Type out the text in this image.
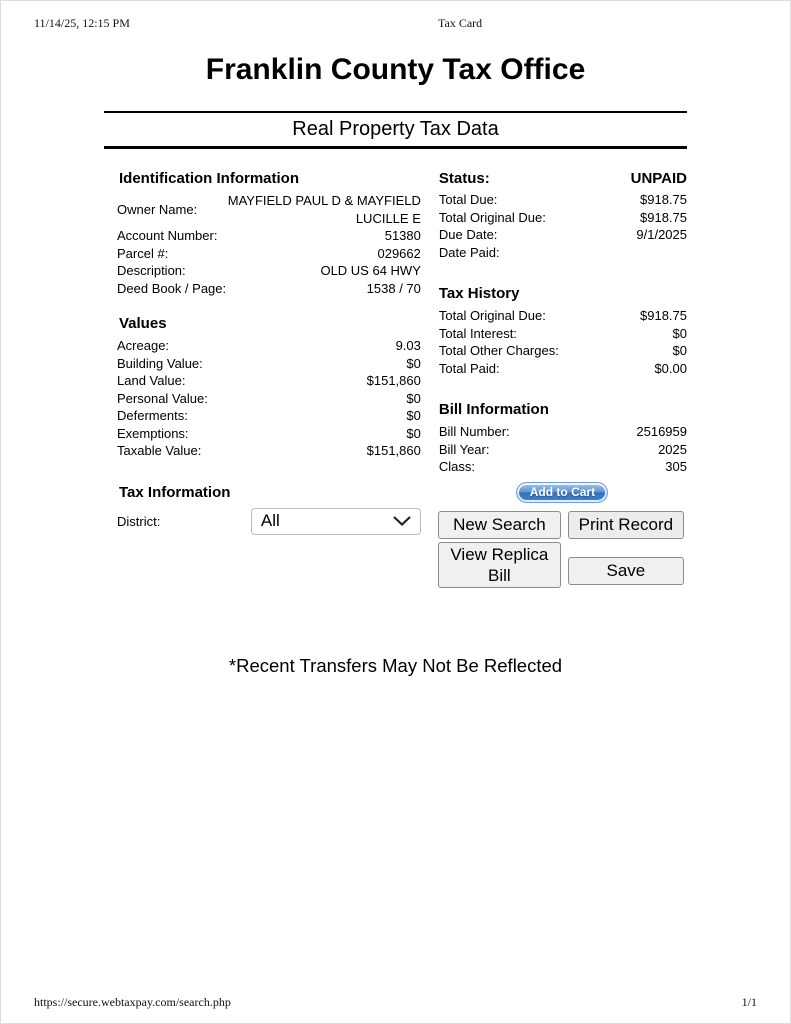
11/14/25, 12:15 PM	Tax Card
Franklin County Tax Office
Real Property Tax Data
Identification Information
Owner Name:
MAYFIELD PAUL D & MAYFIELD LUCILLE E
Account Number:	51380
Parcel #:	029662
Description:	OLD US 64 HWY
Deed Book / Page:	1538 / 70
Values
Acreage:	9.03
Building Value:	$0
Land Value:	$151,860
Personal Value:	$0
Deferments:	$0
Exemptions:	$0
Taxable Value:	$151,860
Tax Information
District:	All
Status:	UNPAID
Total Due:	$918.75
Total Original Due:	$918.75
Due Date:	9/1/2025
Date Paid:
Tax History
Total Original Due:	$918.75
Total Interest:	$0
Total Other Charges:	$0
Total Paid:	$0.00
Bill Information
Bill Number:	2516959
Bill Year:	2025
Class:	305
Add to Cart
New Search
View Replica Bill
Print Record
Save
*Recent Transfers May Not Be Reflected
https://secure.webtaxpay.com/search.php	1/1
